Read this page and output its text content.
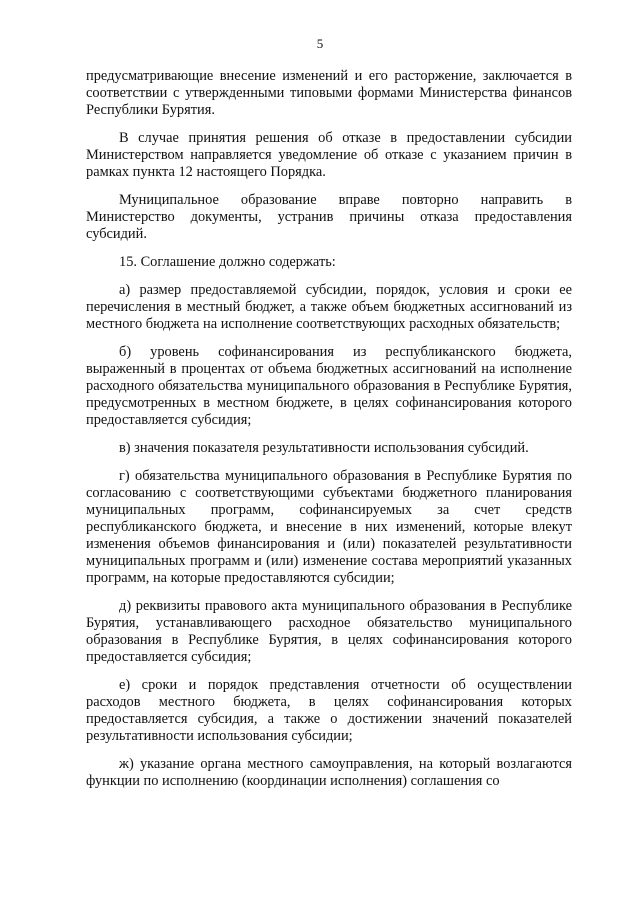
5

предусматривающие внесение изменений и его расторжение, заключается в соответствии с утвержденными типовыми формами Министерства финансов Республики Бурятия.

В случае принятия решения об отказе в предоставлении субсидии Министерством направляется уведомление об отказе с указанием причин в рамках пункта 12 настоящего Порядка.

Муниципальное образование вправе повторно направить в Министерство документы, устранив причины отказа предоставления субсидий.

15. Соглашение должно содержать:

а) размер предоставляемой субсидии, порядок, условия и сроки ее перечисления в местный бюджет, а также объем бюджетных ассигнований из местного бюджета на исполнение соответствующих расходных обязательств;

б) уровень софинансирования из республиканского бюджета, выраженный в процентах от объема бюджетных ассигнований на исполнение расходного обязательства муниципального образования в Республике Бурятия, предусмотренных в местном бюджете, в целях софинансирования которого предоставляется субсидия;

в) значения показателя результативности использования субсидий.

г) обязательства муниципального образования в Республике Бурятия по согласованию с соответствующими субъектами бюджетного планирования муниципальных программ, софинансируемых за счет средств республиканского бюджета, и внесение в них изменений, которые влекут изменения объемов финансирования и (или) показателей результативности муниципальных программ и (или) изменение состава мероприятий указанных программ, на которые предоставляются субсидии;

д) реквизиты правового акта муниципального образования в Республике Бурятия, устанавливающего расходное обязательство муниципального образования в Республике Бурятия, в целях софинансирования которого предоставляется субсидия;

е) сроки и порядок представления отчетности об осуществлении расходов местного бюджета, в целях софинансирования которых предоставляется субсидия, а также о достижении значений показателей результативности использования субсидии;

ж) указание органа местного самоуправления, на который возлагаются функции по исполнению (координации исполнения) соглашения со
